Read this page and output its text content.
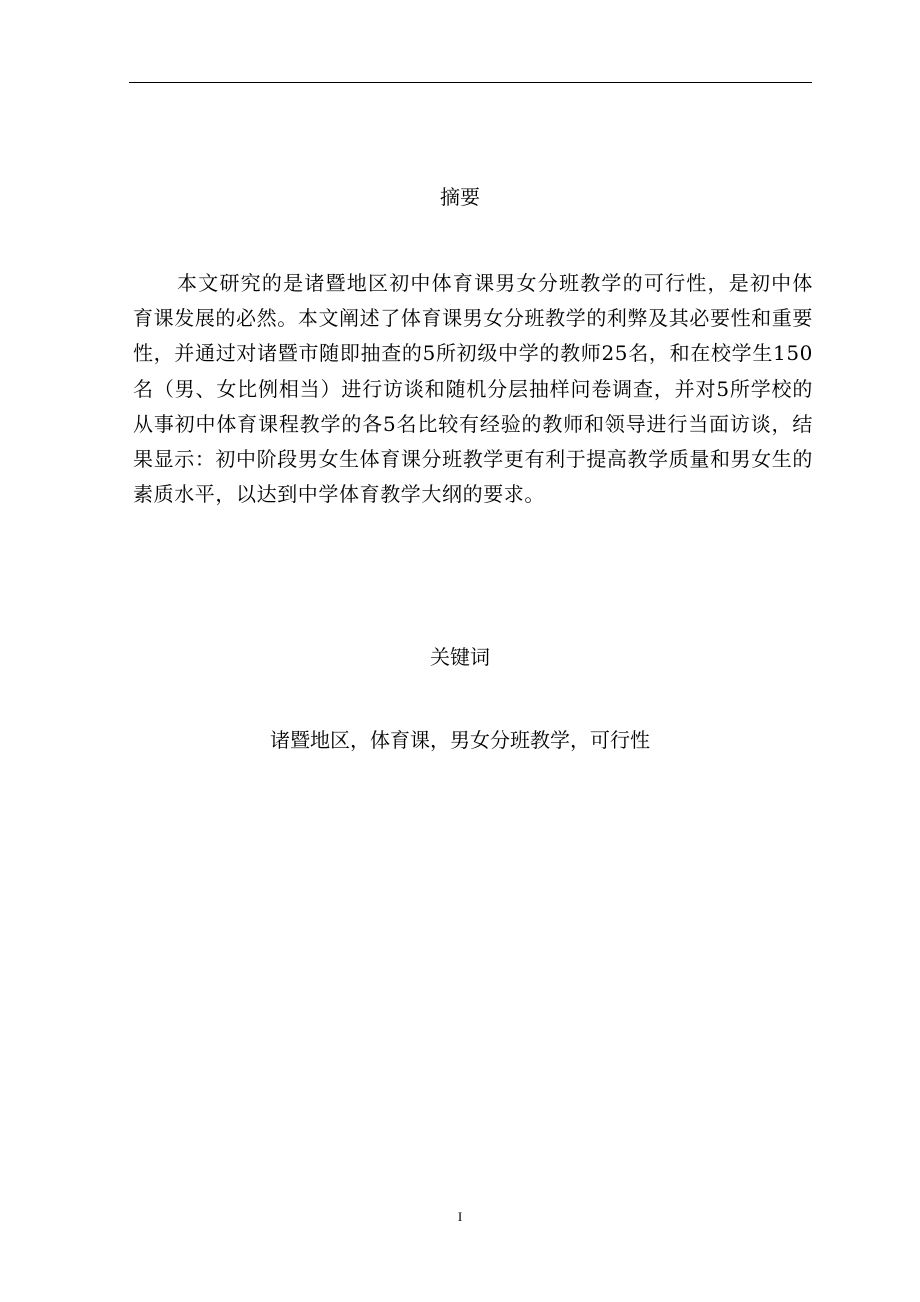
摘要

本文研究的是诸暨地区初中体育课男女分班教学的可行性，是初中体育课发展的必然。本文阐述了体育课男女分班教学的利弊及其必要性和重要性，并通过对诸暨市随即抽查的5所初级中学的教师25名，和在校学生150名（男、女比例相当）进行访谈和随机分层抽样问卷调查，并对5所学校的从事初中体育课程教学的各5名比较有经验的教师和领导进行当面访谈，结果显示：初中阶段男女生体育课分班教学更有利于提高教学质量和男女生的素质水平，以达到中学体育教学大纲的要求。

关键词

诸暨地区，体育课，男女分班教学，可行性

I
